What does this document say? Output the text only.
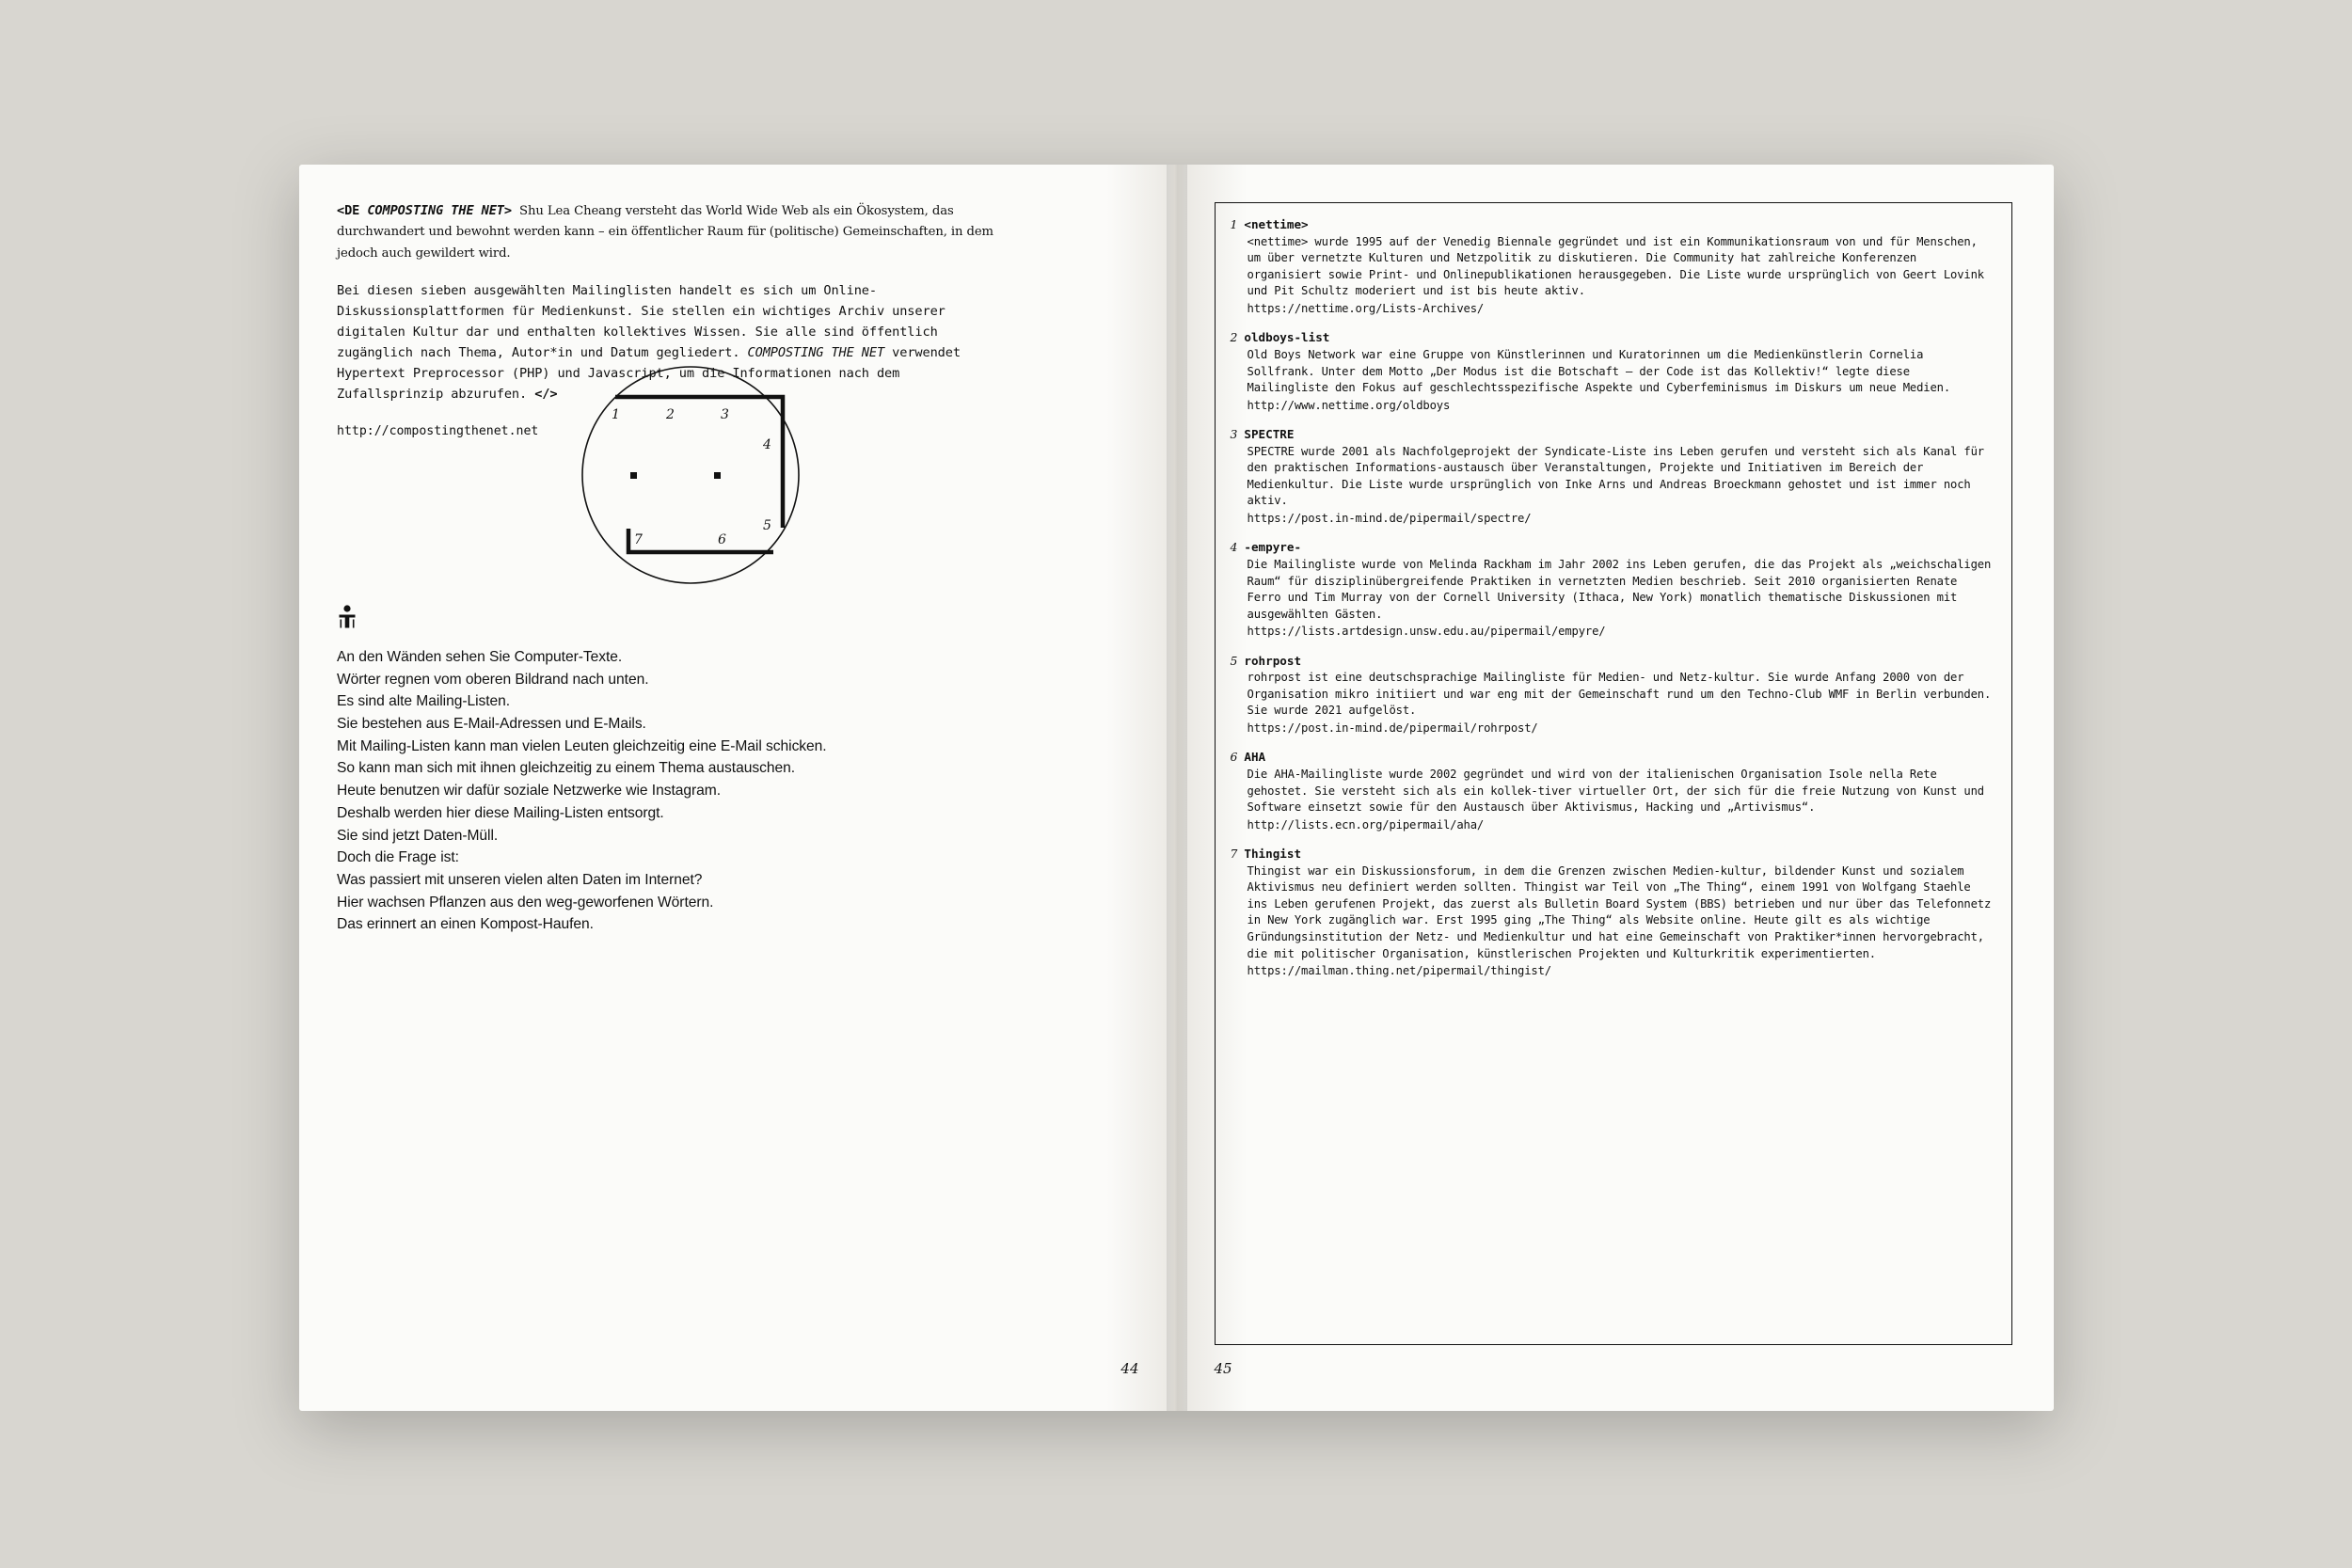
<DE COMPOSTING THE NET> Shu Lea Cheang versteht das World Wide Web als ein Ökosystem, das durchwandert und bewohnt werden kann – ein öffentlicher Raum für (politische) Gemeinschaften, in dem jedoch auch gewildert wird.

Bei diesen sieben ausgewählten Mailinglisten handelt es sich um Online-Diskussionsplattformen für Medienkunst. Sie stellen ein wichtiges Archiv unserer digitalen Kultur dar und enthalten kollektives Wissen. Sie alle sind öffentlich zugänglich nach Thema, Autor*in und Datum gegliedert. COMPOSTING THE NET verwendet Hypertext Preprocessor (PHP) und Javascript, um die Informationen nach dem Zufallsprinzip abzurufen. </>

http://compostingthenet.net

1	2	3
4
5
6
7
An den Wänden sehen Sie Computer-Texte.
Wörter regnen vom oberen Bildrand nach unten.
Es sind alte Mailing-Listen.
Sie bestehen aus E-Mail-Adressen und E-Mails.
Mit Mailing-Listen kann man vielen Leuten gleichzeitig eine E-Mail schicken.
So kann man sich mit ihnen gleichzeitig zu einem Thema austauschen.
Heute benutzen wir dafür soziale Netzwerke wie Instagram.
Deshalb werden hier diese Mailing-Listen entsorgt.
Sie sind jetzt Daten-Müll.
Doch die Frage ist:
Was passiert mit unseren vielen alten Daten im Internet?
Hier wachsen Pflanzen aus den weg-geworfenen Wörtern.
Das erinnert an einen Kompost-Haufen.
44
1 <nettime>
<nettime> wurde 1995 auf der Venedig Biennale gegründet und ist ein Kommunikationsraum von und für Menschen, um über vernetzte Kulturen und Netzpolitik zu diskutieren. Die Community hat zahlreiche Konferenzen organisiert sowie Print- und Onlinepublikationen herausgegeben. Die Liste wurde ursprünglich von Geert Lovink und Pit Schultz moderiert und ist bis heute aktiv.
https://nettime.org/Lists-Archives/
2 oldboys-list
Old Boys Network war eine Gruppe von Künstlerinnen und Kuratorinnen um die Medienkünstlerin Cornelia Sollfrank. Unter dem Motto „Der Modus ist die Botschaft – der Code ist das Kollektiv!“ legte diese Mailingliste den Fokus auf geschlechtsspezifische Aspekte und Cyberfeminismus im Diskurs um neue Medien.
http://www.nettime.org/oldboys
3 SPECTRE
SPECTRE wurde 2001 als Nachfolgeprojekt der Syndicate-Liste ins Leben gerufen und versteht sich als Kanal für den praktischen Informations-austausch über Veranstaltungen, Projekte und Initiativen im Bereich der Medienkultur. Die Liste wurde ursprünglich von Inke Arns und Andreas Broeckmann gehostet und ist immer noch aktiv.
https://post.in-mind.de/pipermail/spectre/
4 -empyre-
Die Mailingliste wurde von Melinda Rackham im Jahr 2002 ins Leben gerufen, die das Projekt als „weichschaligen Raum“ für disziplinübergreifende Praktiken in vernetzten Medien beschrieb. Seit 2010 organisierten Renate Ferro und Tim Murray von der Cornell University (Ithaca, New York) monatlich thematische Diskussionen mit ausgewählten Gästen.
https://lists.artdesign.unsw.edu.au/pipermail/empyre/
5 rohrpost
rohrpost ist eine deutschsprachige Mailingliste für Medien- und Netz-kultur. Sie wurde Anfang 2000 von der Organisation mikro initiiert und war eng mit der Gemeinschaft rund um den Techno-Club WMF in Berlin verbunden. Sie wurde 2021 aufgelöst.
https://post.in-mind.de/pipermail/rohrpost/
6 AHA
Die AHA-Mailingliste wurde 2002 gegründet und wird von der italienischen Organisation Isole nella Rete gehostet. Sie versteht sich als ein kollek-tiver virtueller Ort, der sich für die freie Nutzung von Kunst und Software einsetzt sowie für den Austausch über Aktivismus, Hacking und „Artivismus“.
http://lists.ecn.org/pipermail/aha/
7 Thingist
Thingist war ein Diskussionsforum, in dem die Grenzen zwischen Medien-kultur, bildender Kunst und sozialem Aktivismus neu definiert werden sollten. Thingist war Teil von „The Thing“, einem 1991 von Wolfgang Staehle ins Leben gerufenen Projekt, das zuerst als Bulletin Board System (BBS) betrieben und nur über das Telefonnetz in New York zugänglich war. Erst 1995 ging „The Thing“ als Website online. Heute gilt es als wichtige Gründungsinstitution der Netz- und Medienkultur und hat eine Gemeinschaft von Praktiker*innen hervorgebracht, die mit politischer Organisation, künstlerischen Projekten und Kulturkritik experimentierten.
https://mailman.thing.net/pipermail/thingist/
45
